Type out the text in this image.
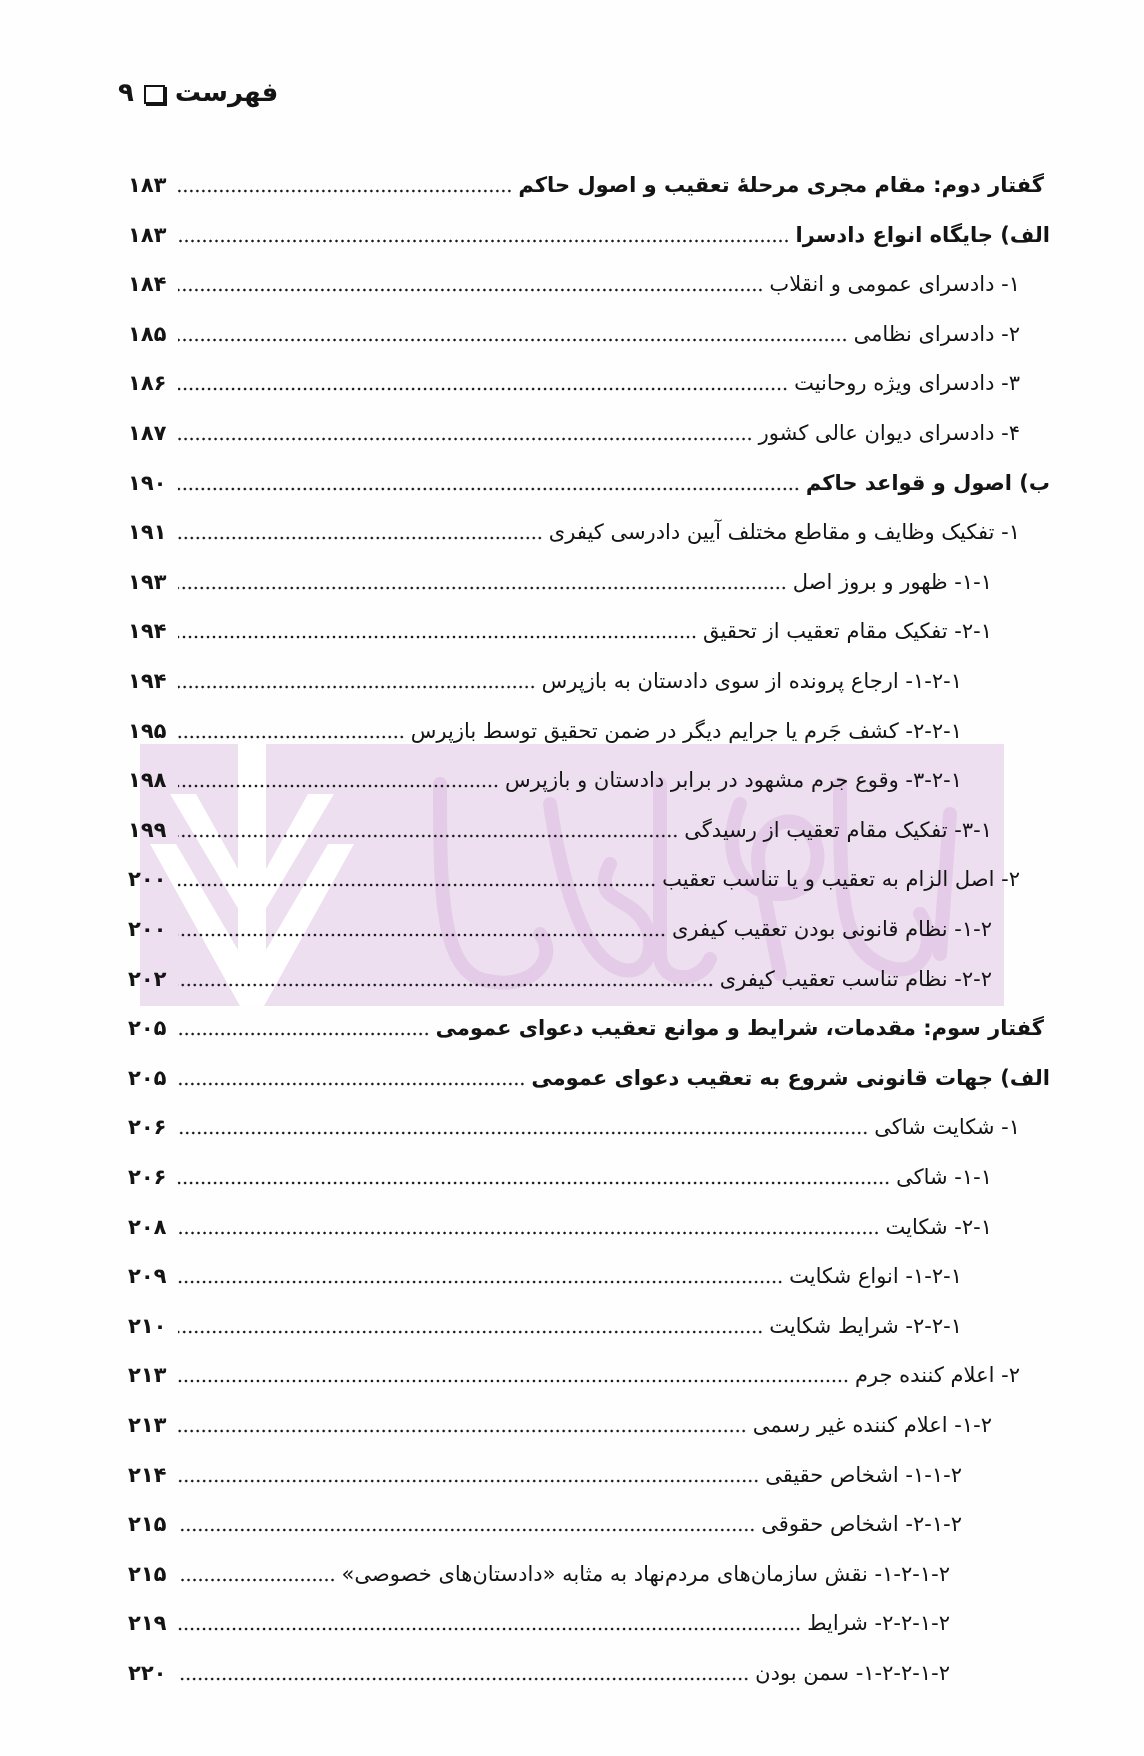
فهرست
۹
گفتار دوم: مقام مجری مرحلۀ تعقیب و اصول حاکم
۱۸۳
الف) جایگاه انواع دادسرا
۱۸۳
۱- دادسرای عمومی و انقلاب
۱۸۴
۲- دادسرای نظامی
۱۸۵
۳- دادسرای ویژه روحانیت
۱۸۶
۴- دادسرای دیوان عالی کشور
۱۸۷
ب) اصول و قواعد حاکم
۱۹۰
۱- تفکیک وظایف و مقاطع مختلف آیین دادرسی کیفری
۱۹۱
۱-۱- ظهور و بروز اصل
۱۹۳
۲-۱- تفکیک مقام تعقیب از تحقیق
۱۹۴
۱-۲-۱- ارجاع پرونده از سوی دادستان به بازپرس
۱۹۴
۲-۲-۱- کشف جَرم یا جرایم دیگر در ضمن تحقیق توسط بازپرس
۱۹۵
۳-۲-۱- وقوع جرم مشهود در برابر دادستان و بازپرس
۱۹۸
۳-۱- تفکیک مقام تعقیب از رسیدگی
۱۹۹
۲- اصل الزام به تعقیب و یا تناسب تعقیب
۲۰۰
۱-۲- نظام قانونی بودن تعقیب کیفری
۲۰۰
۲-۲- نظام تناسب تعقیب کیفری
۲۰۲
گفتار سوم: مقدمات، شرایط و موانع تعقیب دعوای عمومی
۲۰۵
الف) جهات قانونی شروع به تعقیب دعوای عمومی
۲۰۵
۱- شکایت شاکی
۲۰۶
۱-۱- شاکی
۲۰۶
۲-۱- شکایت
۲۰۸
۱-۲-۱- انواع شکایت
۲۰۹
۲-۲-۱- شرایط شکایت
۲۱۰
۲- اعلام کننده جرم
۲۱۳
۱-۲- اعلام کننده غیر رسمی
۲۱۳
۱-۱-۲- اشخاص حقیقی
۲۱۴
۲-۱-۲- اشخاص حقوقی
۲۱۵
۱-۲-۱-۲- نقش سازمان‌های مردم‌نهاد به مثابه «دادستان‌های خصوصی»
۲۱۵
۲-۲-۱-۲- شرایط
۲۱۹
۱-۲-۲-۱-۲- سمن بودن
۲۲۰
